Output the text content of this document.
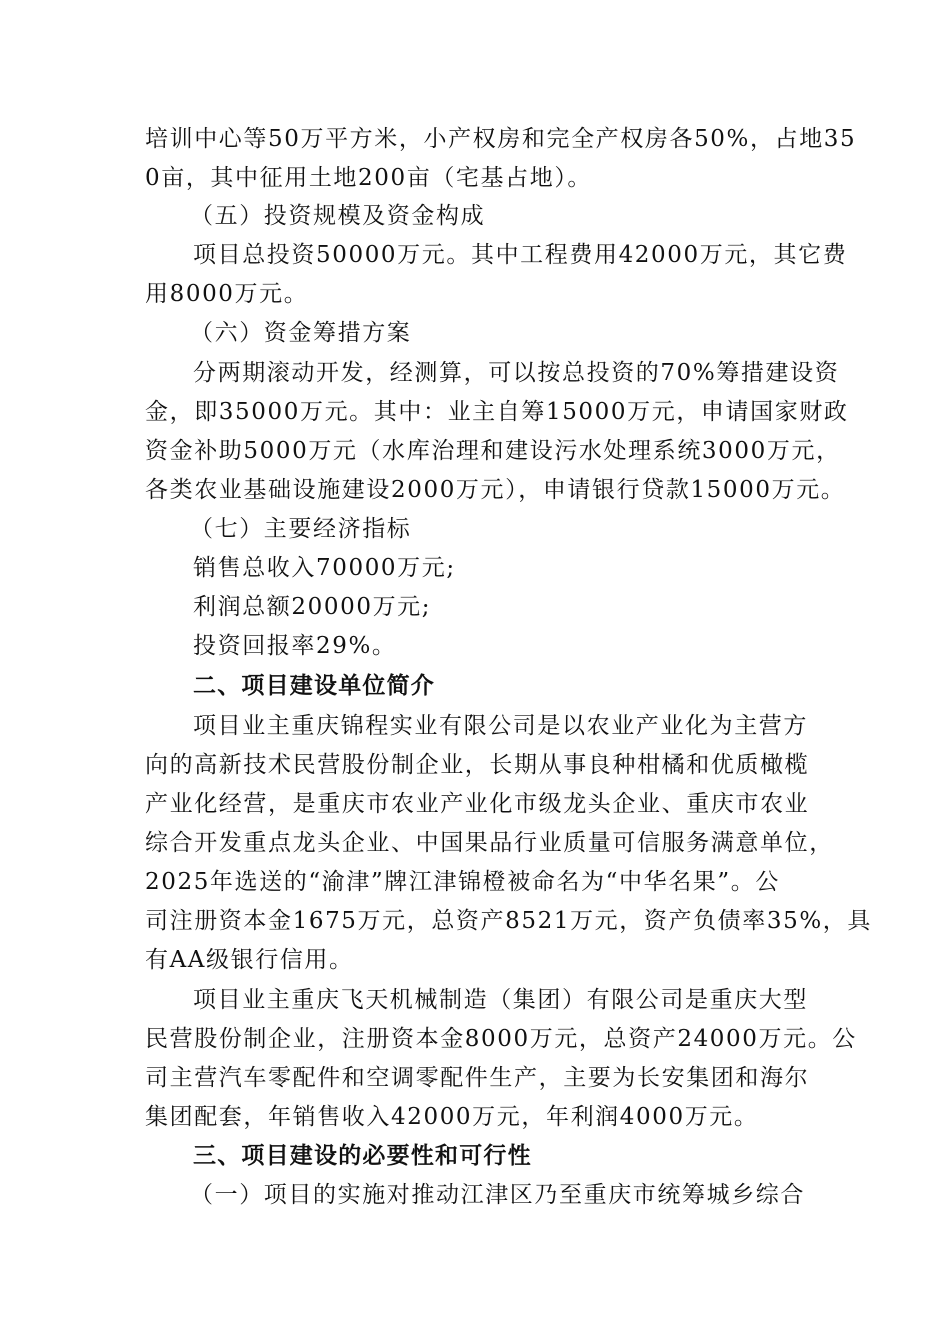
培训中心等50万平方米，小产权房和完全产权房各50%，占地35
0亩，其中征用土地200亩（宅基占地）。
（五）投资规模及资金构成
项目总投资50000万元。其中工程费用42000万元，其它费
用8000万元。
（六）资金筹措方案
分两期滚动开发，经测算，可以按总投资的70%筹措建设资
金，即35000万元。其中：业主自筹15000万元，申请国家财政
资金补助5000万元（水库治理和建设污水处理系统3000万元，
各类农业基础设施建设2000万元），申请银行贷款15000万元。
（七）主要经济指标
销售总收入70000万元;
利润总额20000万元;
投资回报率29%。
二、项目建设单位简介
项目业主重庆锦程实业有限公司是以农业产业化为主营方
向的高新技术民营股份制企业，长期从事良种柑橘和优质橄榄
产业化经营，是重庆市农业产业化市级龙头企业、重庆市农业
综合开发重点龙头企业、中国果品行业质量可信服务满意单位，
2025年选送的“渝津”牌江津锦橙被命名为“中华名果”。公
司注册资本金1675万元，总资产8521万元，资产负债率35%，具
有AA级银行信用。
项目业主重庆飞天机械制造（集团）有限公司是重庆大型
民营股份制企业，注册资本金8000万元，总资产24000万元。公
司主营汽车零配件和空调零配件生产，主要为长安集团和海尔
集团配套，年销售收入42000万元，年利润4000万元。
三、项目建设的必要性和可行性
（一）项目的实施对推动江津区乃至重庆市统筹城乡综合
